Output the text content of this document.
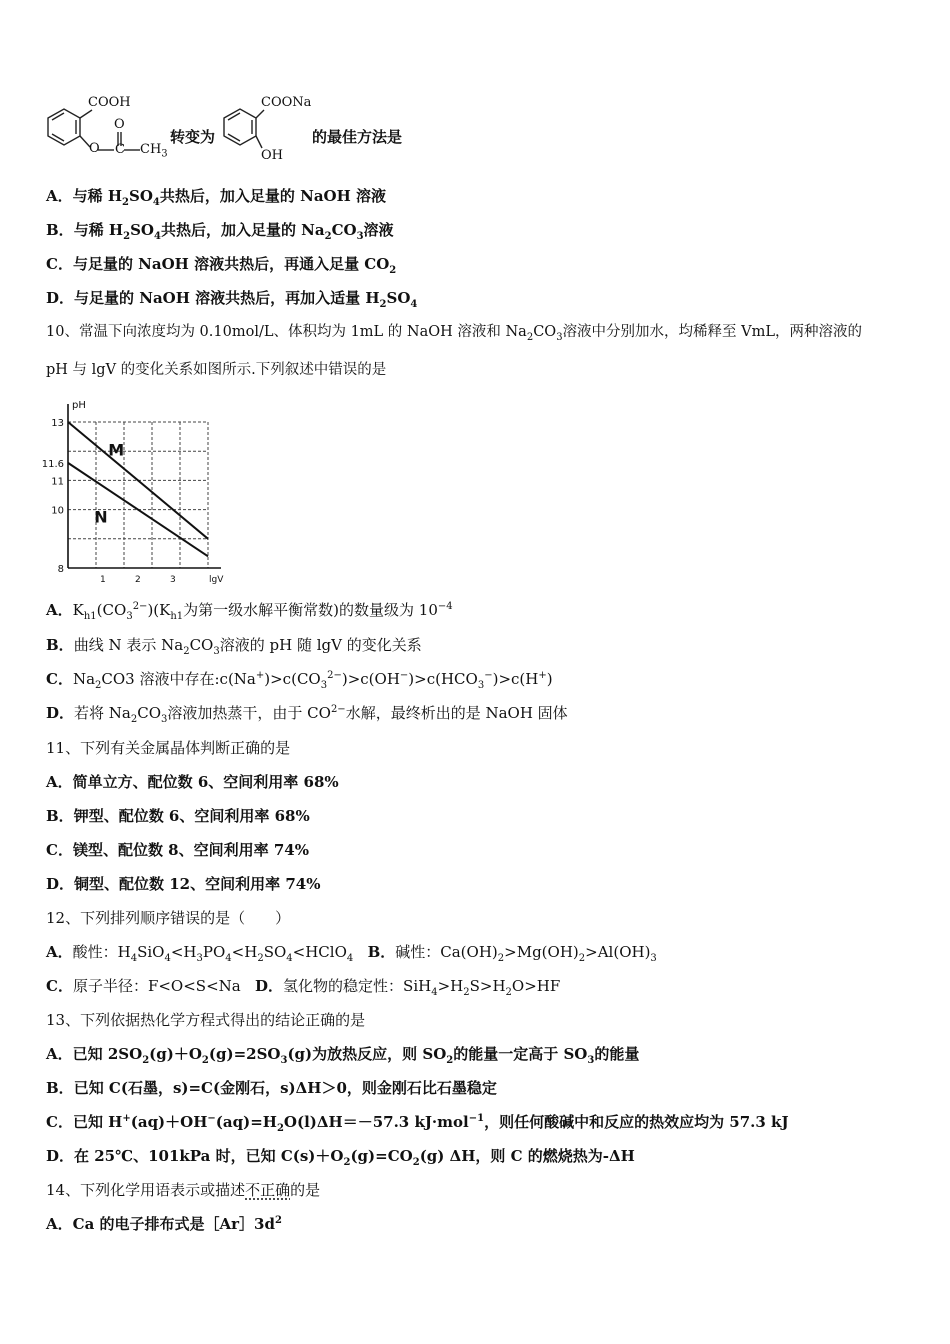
COOH
O
O
C $CH_3$
转变为
COONa
OH
的最佳方法是
A．与稀 $H_2SO_4$共热后，加入足量的 NaOH 溶液
B．与稀 $H_2SO_4$共热后，加入足量的 $Na_2CO_3$溶液
C．与足量的 NaOH 溶液共热后，再通入足量 $CO_2$
D．与足量的 NaOH 溶液共热后，再加入适量 $H_2SO_4$
10、常温下向浓度均为 0.10mol/L、体积均为 1mL 的 NaOH 溶液和 $Na_2CO_3$溶液中分别加水，均稀释至 VmL，两种溶液的
pH 与 lgV 的变化关系如图所示.下列叙述中错误的是
pH
lgV
1	2	3
13
11.6
11
10
8
M
N
A．$K_{h1}(CO_3^{2-})(K_{h1}$为第一级水解平衡常数)的数量级为 $10^{-4}$
B．曲线 N 表示 $Na_2CO_3$溶液的 pH 随 lgV 的变化关系
C．$Na_2CO3$ 溶液中存在$:c(Na^+)>c(CO_3^{2-})>c(OH^-)>c(HCO_3^-)>c(H^+)$
D．若将 $Na_2CO_3$溶液加热蒸干，由于 $CO^{2-}$水解，最终析出的是 NaOH 固体
11、下列有关金属晶体判断正确的是
A．简单立方、配位数 6、空间利用率 68%
B．钾型、配位数 6、空间利用率 68%
C．镁型、配位数 8、空间利用率 74%
D．铜型、配位数 12、空间利用率 74%
12、下列排列顺序错误的是（　　）
A．酸性：$H_4SiO_4<H_3PO_4<H_2SO_4<HClO_4$ B．碱性：$Ca(OH)_2>Mg(OH)_2>Al(OH)_3$
C．原子半径：F<O<S<Na D．氢化物的稳定性：$SiH_4>H_2S>H_2O>HF$
13、下列依据热化学方程式得出的结论正确的是
A．已知 $2SO_2(g)+O_2(g)=2SO_3(g)$为放热反应，则 $SO_2$的能量一定高于 $SO_3$的能量
B．已知 C(石墨，s)=C(金刚石，s)ΔH＞0，则金刚石比石墨稳定
C．已知 $H^+(aq)+OH^-(aq)=H_2O(l)\Delta H=-57.3$ kJ·mol$^{-1}$，则任何酸碱中和反应的热效应均为 57.3 kJ
D．在 25℃、101kPa 时，已知 $C(s)+O_2(g)=CO_2(g)$ ΔH，则 C 的燃烧热为-ΔH
14、下列化学用语表示或描述不正确的是
A．Ca 的电子排布式是$[Ar]3d^2$
